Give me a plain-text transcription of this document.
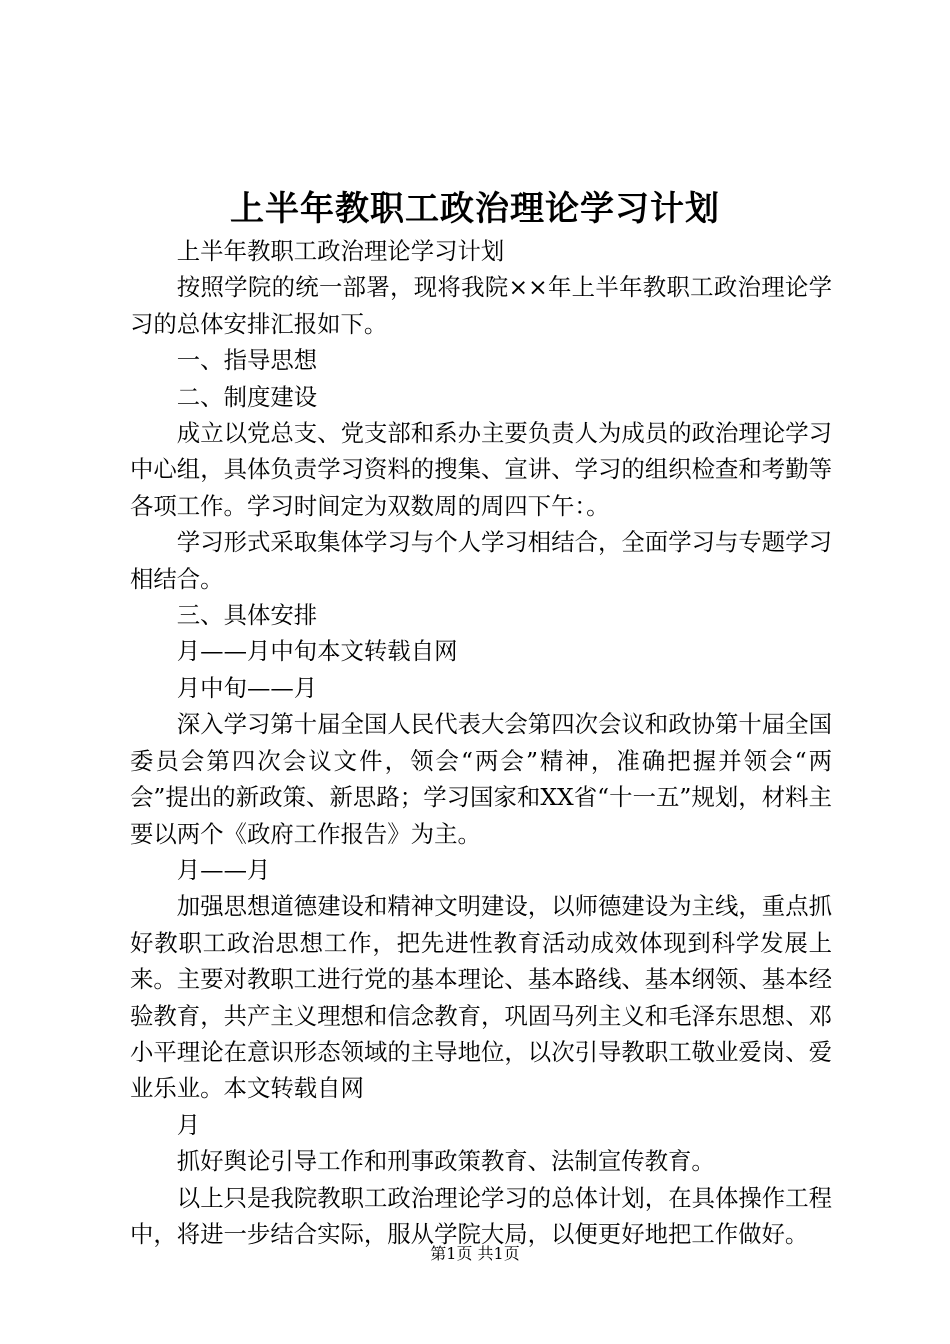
上半年教职工政治理论学习计划

上半年教职工政治理论学习计划

按照学院的统一部署，现将我院××年上半年教职工政治理论学习的总体安排汇报如下。

一、指导思想

二、制度建设

成立以党总支、党支部和系办主要负责人为成员的政治理论学习中心组，具体负责学习资料的搜集、宣讲、学习的组织检查和考勤等各项工作。学习时间定为双数周的周四下午：。

学习形式采取集体学习与个人学习相结合，全面学习与专题学习相结合。

三、具体安排

月——月中旬本文转载自网

月中旬——月

深入学习第十届全国人民代表大会第四次会议和政协第十届全国委员会第四次会议文件，领会“两会”精神，准确把握并领会“两会”提出的新政策、新思路；学习国家和XX省“十一五”规划，材料主要以两个《政府工作报告》为主。

月——月

加强思想道德建设和精神文明建设，以师德建设为主线，重点抓好教职工政治思想工作，把先进性教育活动成效体现到科学发展上来。主要对教职工进行党的基本理论、基本路线、基本纲领、基本经验教育，共产主义理想和信念教育，巩固马列主义和毛泽东思想、邓小平理论在意识形态领域的主导地位，以次引导教职工敬业爱岗、爱业乐业。本文转载自网

月

抓好舆论引导工作和刑事政策教育、法制宣传教育。

以上只是我院教职工政治理论学习的总体计划，在具体操作工程中，将进一步结合实际，服从学院大局，以便更好地把工作做好。

第1页 共1页
